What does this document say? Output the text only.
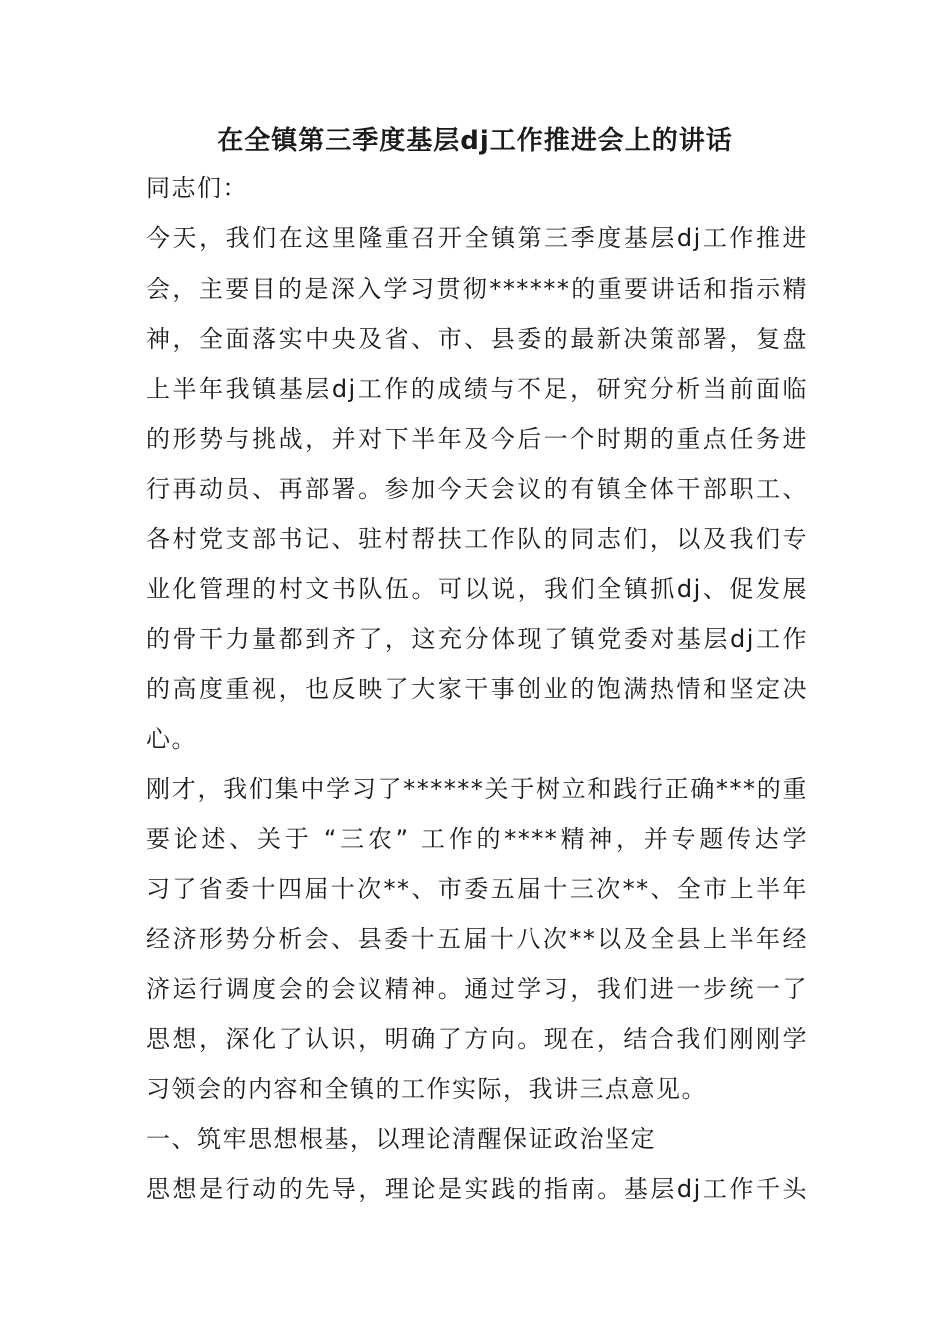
在全镇第三季度基层dj工作推进会上的讲话
同志们：
今天，我们在这里隆重召开全镇第三季度基层dj工作推进
会，主要目的是深入学习贯彻******的重要讲话和指示精
神，全面落实中央及省、市、县委的最新决策部署，复盘
上半年我镇基层dj工作的成绩与不足，研究分析当前面临
的形势与挑战，并对下半年及今后一个时期的重点任务进
行再动员、再部署。参加今天会议的有镇全体干部职工、
各村党支部书记、驻村帮扶工作队的同志们，以及我们专
业化管理的村文书队伍。可以说，我们全镇抓dj、促发展
的骨干力量都到齐了，这充分体现了镇党委对基层dj工作
的高度重视，也反映了大家干事创业的饱满热情和坚定决
心。
刚才，我们集中学习了******关于树立和践行正确***的重
要论述、关于 “三农” 工作的****精神，并专题传达学
习了省委十四届十次**、市委五届十三次**、全市上半年
经济形势分析会、县委十五届十八次**以及全县上半年经
济运行调度会的会议精神。通过学习，我们进一步统一了
思想，深化了认识，明确了方向。现在，结合我们刚刚学
习领会的内容和全镇的工作实际，我讲三点意见。
一、筑牢思想根基，以理论清醒保证政治坚定
思想是行动的先导，理论是实践的指南。基层dj工作千头
